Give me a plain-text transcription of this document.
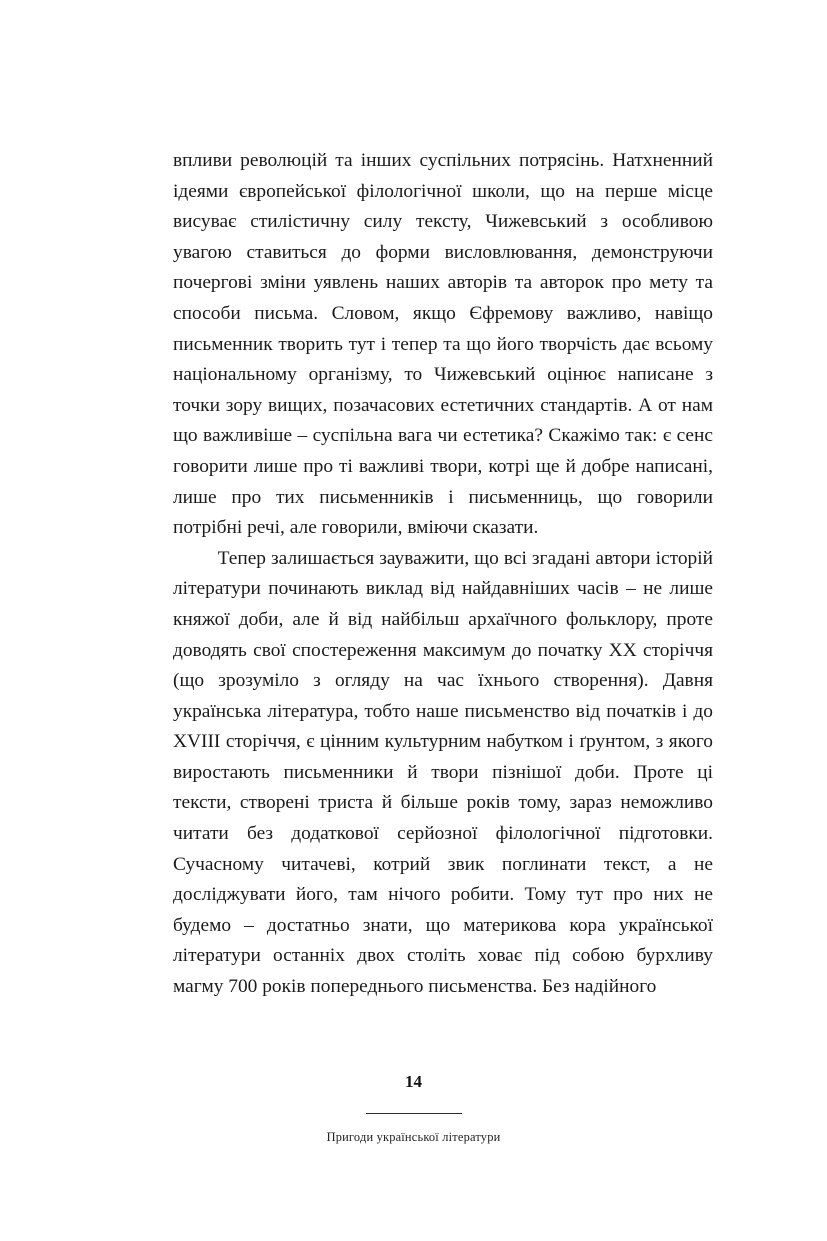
впливи революцій та інших суспільних потрясінь. Натхненний ідеями європейської філологічної школи, що на перше місце висуває стилістичну силу тексту, Чижевський з особливою увагою ставиться до форми висловлювання, демонструючи почергові зміни уявлень наших авторів та авторок про мету та способи письма. Словом, якщо Єфремову важливо, навіщо письменник творить тут і тепер та що його творчість дає всьому національному організму, то Чижевський оцінює написане з точки зору вищих, позачасових естетичних стандартів. А от нам що важливіше – суспільна вага чи естетика? Скажімо так: є сенс говорити лише про ті важливі твори, котрі ще й добре написані, лише про тих письменників і письменниць, що говорили потрібні речі, але говорили, вміючи сказати.

Тепер залишається зауважити, що всі згадані автори історій літератури починають виклад від найдавніших часів – не лише княжої доби, але й від найбільш архаїчного фольклору, проте доводять свої спостереження максимум до початку XX сторіччя (що зрозуміло з огляду на час їхнього створення). Давня українська література, тобто наше письменство від початків і до XVIII сторіччя, є цінним культурним набутком і ґрунтом, з якого виростають письменники й твори пізнішої доби. Проте ці тексти, створені триста й більше років тому, зараз неможливо читати без додаткової серйозної філологічної підготовки. Сучасному читачеві, котрий звик поглинати текст, а не досліджувати його, там нічого робити. Тому тут про них не будемо – достатньо знати, що материкова кора української літератури останніх двох століть ховає під собою бурхливу магму 700 років попереднього письменства. Без надійного

14
Пригоди української літератури
